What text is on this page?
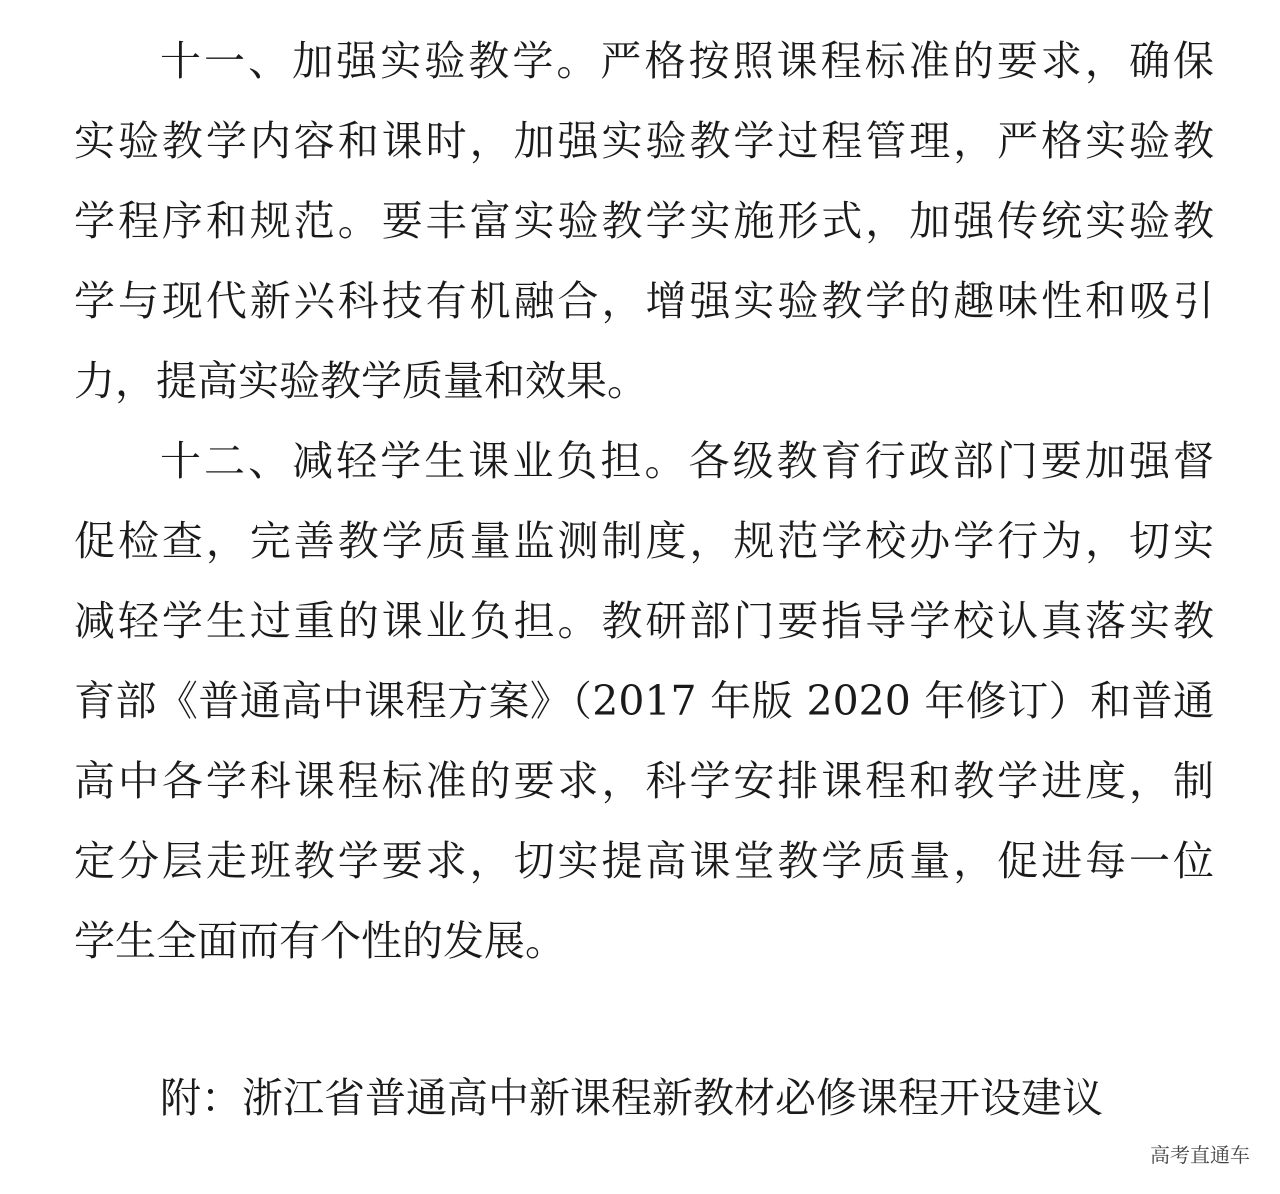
十一、加强实验教学。严格按照课程标准的要求，确保
实验教学内容和课时，加强实验教学过程管理，严格实验教
学程序和规范。要丰富实验教学实施形式，加强传统实验教
学与现代新兴科技有机融合，增强实验教学的趣味性和吸引
力，提高实验教学质量和效果。
十二、减轻学生课业负担。各级教育行政部门要加强督
促检查，完善教学质量监测制度，规范学校办学行为，切实
减轻学生过重的课业负担。教研部门要指导学校认真落实教
育部《普通高中课程方案》（2017 年版 2020 年修订）和普通
高中各学科课程标准的要求，科学安排课程和教学进度，制
定分层走班教学要求，切实提高课堂教学质量，促进每一位
学生全面而有个性的发展。
附：浙江省普通高中新课程新教材必修课程开设建议
高考直通车
